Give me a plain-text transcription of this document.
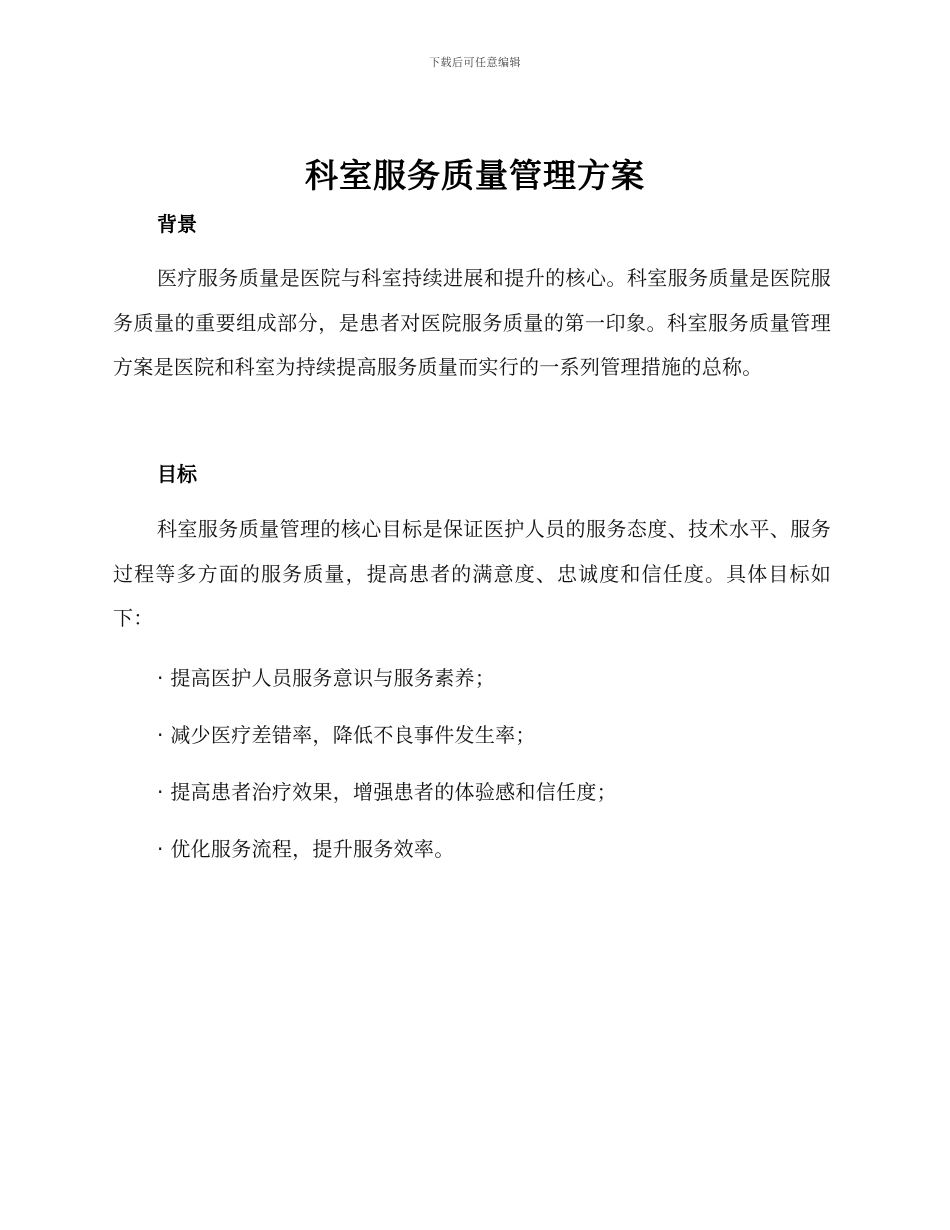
下载后可任意编辑
科室服务质量管理方案
背景
医疗服务质量是医院与科室持续进展和提升的核心。科室服务质量是医院服务质量的重要组成部分，是患者对医院服务质量的第一印象。科室服务质量管理方案是医院和科室为持续提高服务质量而实行的一系列管理措施的总称。
目标
科室服务质量管理的核心目标是保证医护人员的服务态度、技术水平、服务过程等多方面的服务质量，提高患者的满意度、忠诚度和信任度。具体目标如下：
· 提高医护人员服务意识与服务素养；
· 减少医疗差错率，降低不良事件发生率；
· 提高患者治疗效果，增强患者的体验感和信任度；
· 优化服务流程，提升服务效率。
